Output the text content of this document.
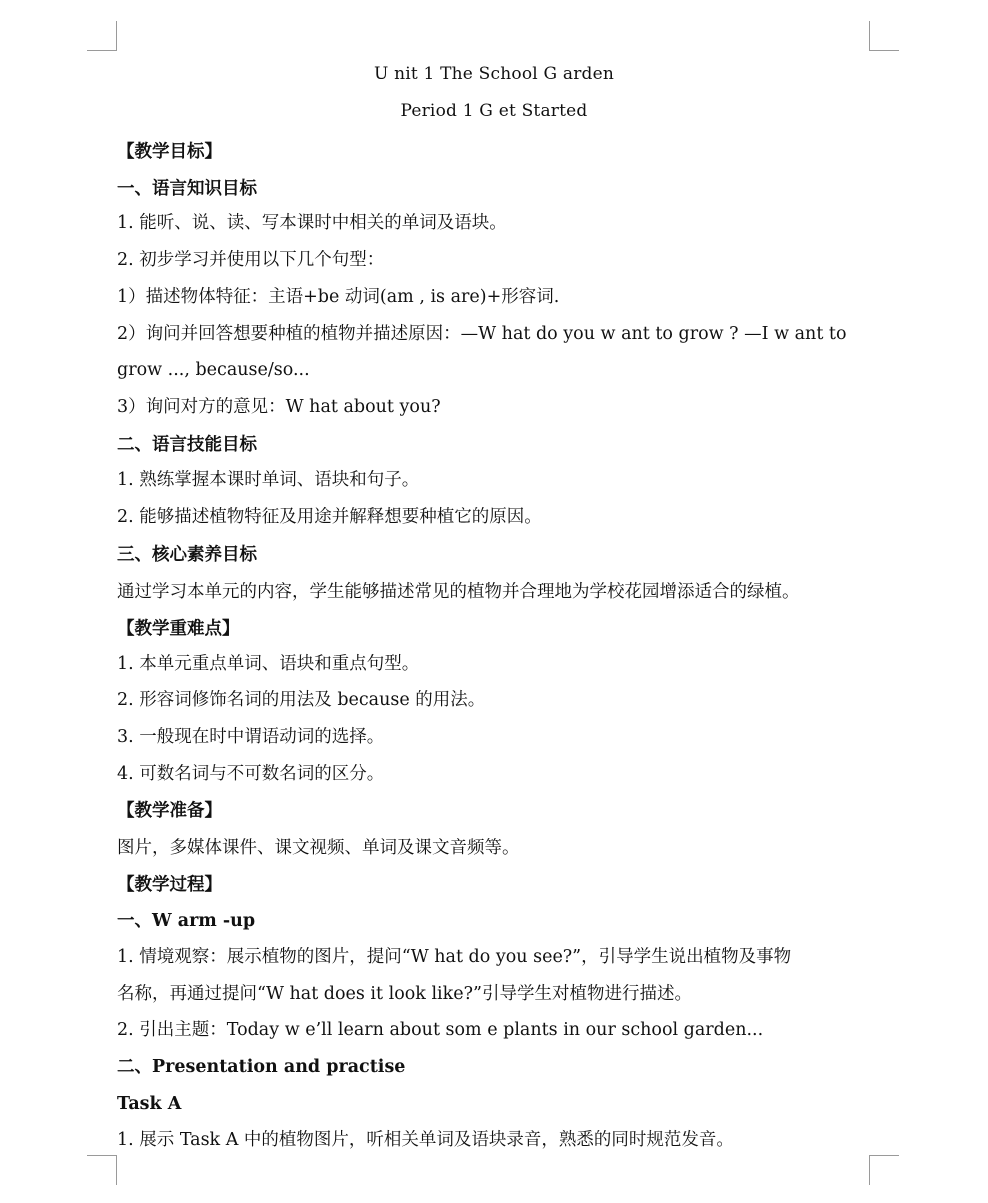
U nit 1 The School G arden
Period 1 G et Started
【教学目标】
一、语言知识目标
1. 能听、说、读、写本课时中相关的单词及语块。
2. 初步学习并使用以下几个句型：
1）描述物体特征：主语+be 动词(am , is are)+形容词.
2）询问并回答想要种植的植物并描述原因：—W hat do you w ant to grow ? —I w ant to
grow ..., because/so...
3）询问对方的意见：W hat about you?
二、语言技能目标
1. 熟练掌握本课时单词、语块和句子。
2. 能够描述植物特征及用途并解释想要种植它的原因。
三、核心素养目标
通过学习本单元的内容，学生能够描述常见的植物并合理地为学校花园增添适合的绿植。
【教学重难点】
1. 本单元重点单词、语块和重点句型。
2. 形容词修饰名词的用法及 because 的用法。
3. 一般现在时中谓语动词的选择。
4. 可数名词与不可数名词的区分。
【教学准备】
图片，多媒体课件、课文视频、单词及课文音频等。
【教学过程】
一、W arm -up
1. 情境观察：展示植物的图片，提问“W hat do you see?”，引导学生说出植物及事物
名称，再通过提问“W hat does it look like?”引导学生对植物进行描述。
2. 引出主题：Today w e’ll learn about som e plants in our school garden...
二、Presentation and practise
Task A
1. 展示 Task A 中的植物图片，听相关单词及语块录音，熟悉的同时规范发音。
